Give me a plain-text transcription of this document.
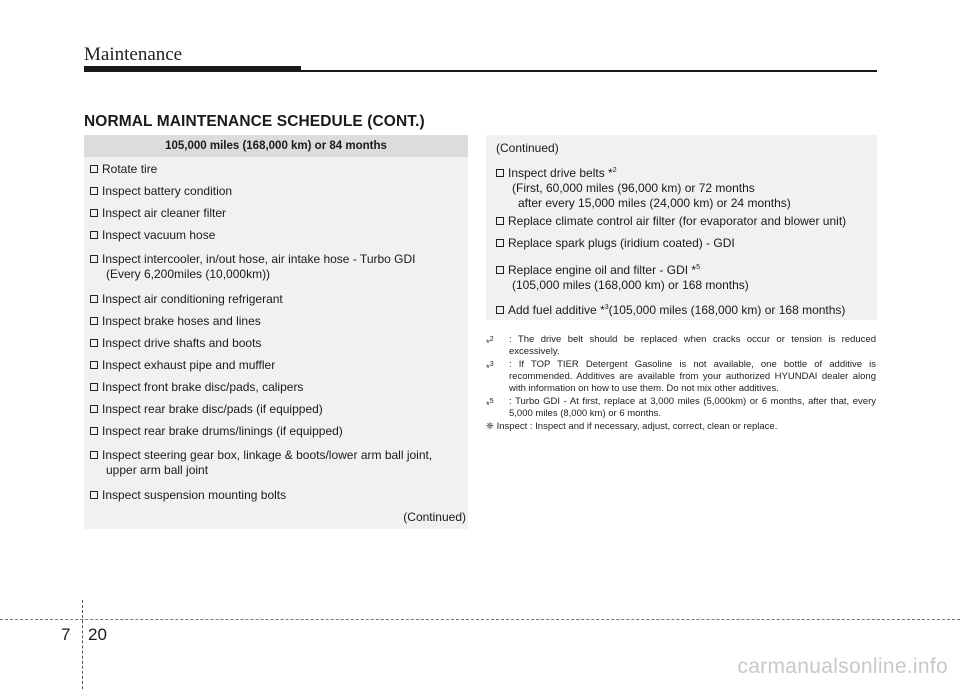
Maintenance
NORMAL MAINTENANCE SCHEDULE (CONT.)
105,000 miles (168,000 km) or 84 months
Rotate tire
Inspect battery condition
Inspect air cleaner filter
Inspect vacuum hose
Inspect intercooler, in/out hose, air intake hose - Turbo GDI
(Every 6,200miles (10,000km))
Inspect air conditioning refrigerant
Inspect brake hoses and lines
Inspect drive shafts and boots
Inspect exhaust pipe and muffler
Inspect front brake disc/pads, calipers
Inspect rear brake disc/pads (if equipped)
Inspect rear brake drums/linings (if equipped)
Inspect steering gear box, linkage & boots/lower arm ball joint,
upper arm ball joint
Inspect suspension mounting bolts
(Continued)
(Continued)
Inspect drive belts *$^2$
(First, 60,000 miles (96,000 km) or 72 months
after every 15,000 miles (24,000 km) or 24 months)
Replace climate control air filter (for evaporator and blower unit)
Replace spark plugs (iridium coated) - GDI
Replace engine oil and filter - GDI *$^5$
(105,000 miles (168,000 km) or 168 months)
Add fuel additive *$^3$(105,000 miles (168,000 km) or 168 months)
*$^2$ : The drive belt should be replaced when cracks occur or tension is reduced excessively.
*$^3$ : If TOP TIER Detergent Gasoline is not available, one bottle of additive is recommended. Additives are available from your authorized HYUNDAI dealer along with information on how to use them. Do not mix other additives.
*$^5$ : Turbo GDI - At first, replace at 3,000 miles (5,000km) or 6 months, after that, every 5,000 miles (8,000 km) or 6 months.
❈ Inspect : Inspect and if necessary, adjust, correct, clean or replace.
7 20
carmanualsonline.info
